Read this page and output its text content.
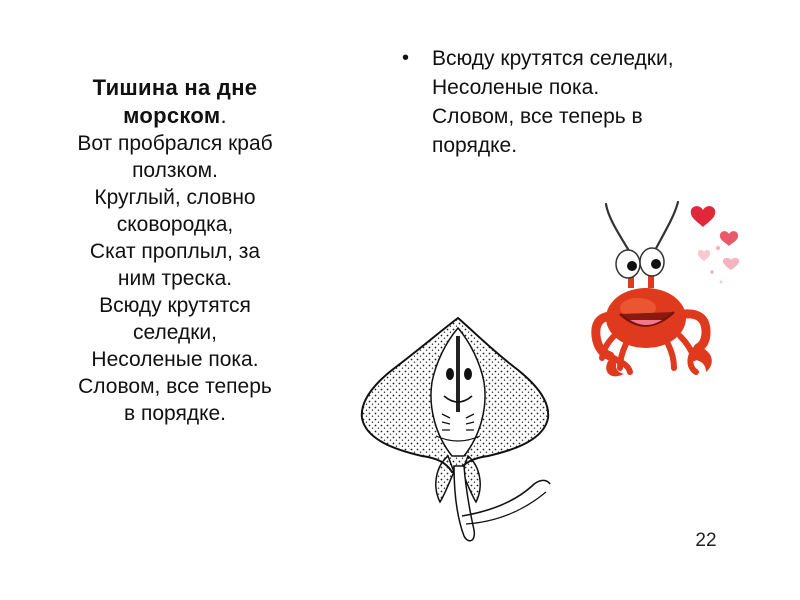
Тишина на дне морском.
Вот пробрался краб
ползком.
Круглый, словно
сковородка,
Скат проплыл, за
ним треска.
Всюду крутятся
селедки,
Несоленые пока.
Словом, все теперь
в порядке.
• Всюду крутятся селедки,
Несоленые пока.
Словом, все теперь в
порядке.
22
